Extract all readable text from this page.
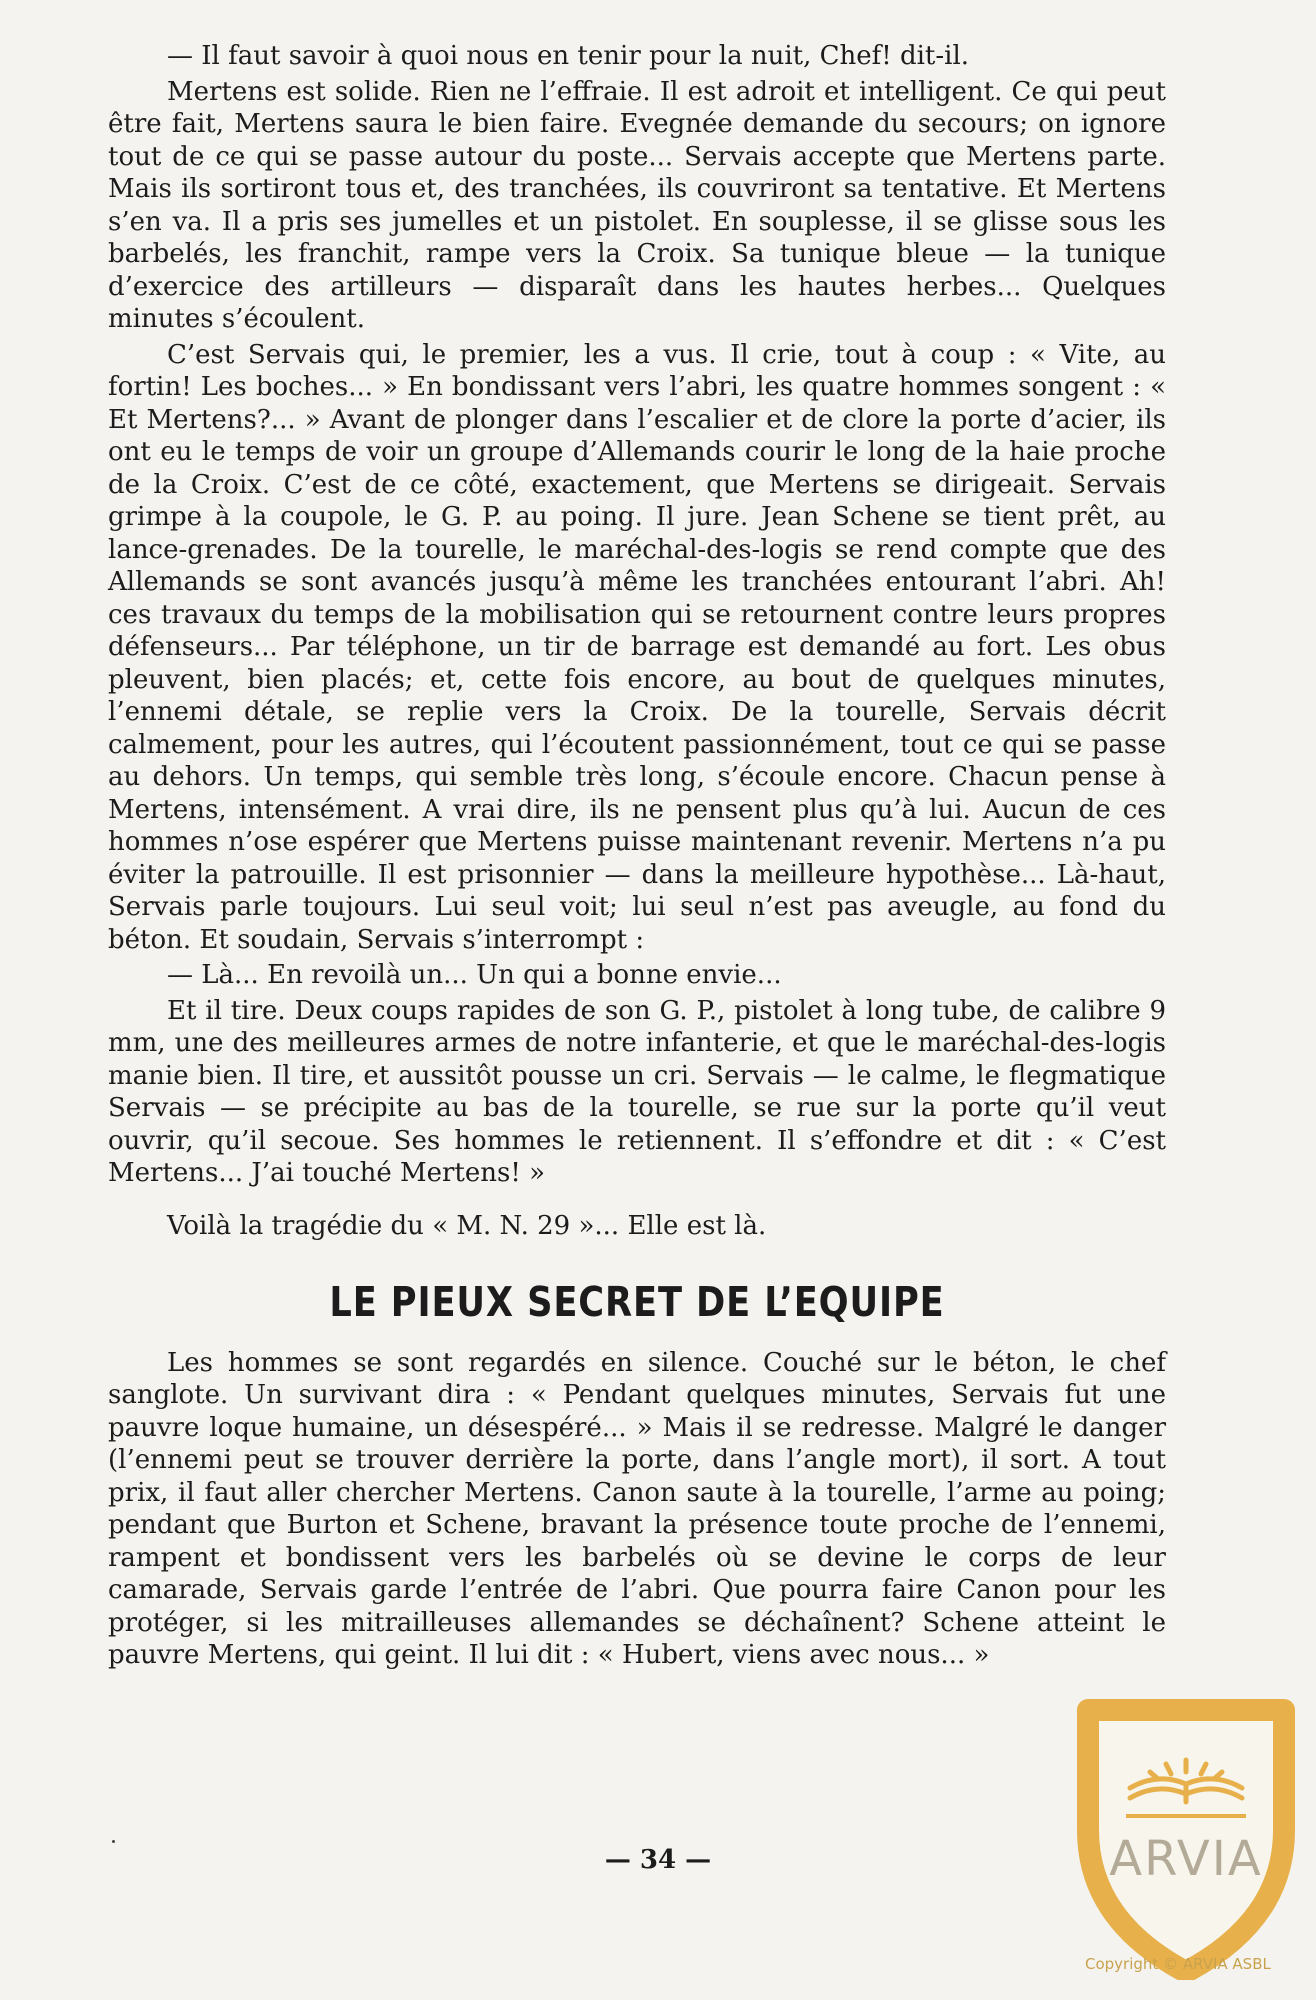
— Il faut savoir à quoi nous en tenir pour la nuit, Chef! dit-il.

Mertens est solide. Rien ne l’effraie. Il est adroit et intelligent. Ce qui peut être fait, Mertens saura le bien faire. Evegnée demande du secours; on ignore tout de ce qui se passe autour du poste... Servais accepte que Mertens parte. Mais ils sortiront tous et, des tranchées, ils couvriront sa tentative. Et Mertens s’en va. Il a pris ses jumelles et un pistolet. En souplesse, il se glisse sous les barbelés, les franchit, rampe vers la Croix. Sa tunique bleue — la tunique d’exercice des artilleurs — disparaît dans les hautes herbes... Quelques minutes s’écoulent.

C’est Servais qui, le premier, les a vus. Il crie, tout à coup : « Vite, au fortin! Les boches... » En bondissant vers l’abri, les quatre hommes songent : « Et Mertens?... » Avant de plonger dans l’escalier et de clore la porte d’acier, ils ont eu le temps de voir un groupe d’Allemands courir le long de la haie proche de la Croix. C’est de ce côté, exactement, que Mertens se dirigeait. Servais grimpe à la coupole, le G. P. au poing. Il jure. Jean Schene se tient prêt, au lance-grenades. De la tourelle, le maréchal-des-logis se rend compte que des Allemands se sont avancés jusqu’à même les tranchées entourant l’abri. Ah! ces travaux du temps de la mobilisation qui se retournent contre leurs propres défenseurs... Par téléphone, un tir de barrage est demandé au fort. Les obus pleuvent, bien placés; et, cette fois encore, au bout de quelques minutes, l’ennemi détale, se replie vers la Croix. De la tourelle, Servais décrit calmement, pour les autres, qui l’écoutent passionnément, tout ce qui se passe au dehors. Un temps, qui semble très long, s’écoule encore. Chacun pense à Mertens, intensément. A vrai dire, ils ne pensent plus qu’à lui. Aucun de ces hommes n’ose espérer que Mertens puisse maintenant revenir. Mertens n’a pu éviter la patrouille. Il est prisonnier — dans la meilleure hypothèse... Là-haut, Servais parle toujours. Lui seul voit; lui seul n’est pas aveugle, au fond du béton. Et soudain, Servais s’interrompt :

— Là... En revoilà un... Un qui a bonne envie...

Et il tire. Deux coups rapides de son G. P., pistolet à long tube, de calibre 9 mm, une des meilleures armes de notre infanterie, et que le maréchal-des-logis manie bien. Il tire, et aussitôt pousse un cri. Servais — le calme, le flegmatique Servais — se précipite au bas de la tourelle, se rue sur la porte qu’il veut ouvrir, qu’il secoue. Ses hommes le retiennent. Il s’effondre et dit : « C’est Mertens... J’ai touché Mertens! »

Voilà la tragédie du « M. N. 29 »... Elle est là.

LE PIEUX SECRET DE L’EQUIPE

Les hommes se sont regardés en silence. Couché sur le béton, le chef sanglote. Un survivant dira : « Pendant quelques minutes, Servais fut une pauvre loque humaine, un désespéré... » Mais il se redresse. Malgré le danger (l’ennemi peut se trouver derrière la porte, dans l’angle mort), il sort. A tout prix, il faut aller chercher Mertens. Canon saute à la tourelle, l’arme au poing; pendant que Burton et Schene, bravant la présence toute proche de l’ennemi, rampent et bondissent vers les barbelés où se devine le corps de leur camarade, Servais garde l’entrée de l’abri. Que pourra faire Canon pour les protéger, si les mitrailleuses allemandes se déchaînent? Schene atteint le pauvre Mertens, qui geint. Il lui dit : « Hubert, viens avec nous... »

— 34 —	ARVIA
Copyright © ARVIA ASBL
